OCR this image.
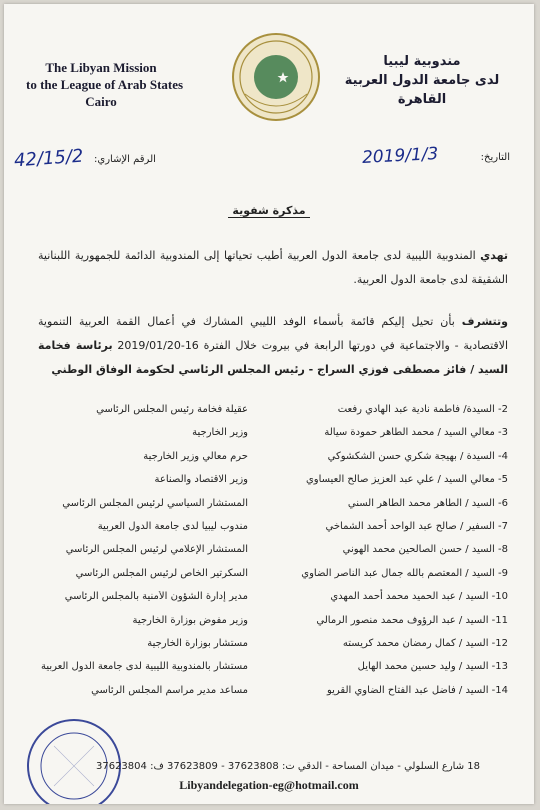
The Libyan Mission
to the League of Arab States
Cairo
مندوبية ليبيا
لدى جامعة الدول العربية
القاهرة
42/15/2 الرقم الإشاري:	2019/1/3	التاريخ:
مذكرة شفوية
تهدي المندوبية الليبية لدى جامعة الدول العربية أطيب تحياتها إلى المندوبية الدائمة للجمهورية اللبنانية الشقيقة لدى جامعة الدول العربية.
وتتشرف بأن تحيل إليكم قائمة بأسماء الوفد الليبي المشارك في أعمال القمة العربية التنموية الاقتصادية - والاجتماعية في دورتها الرابعة في بيروت خلال الفترة 16-2019/01/20 برئاسة فخامة السيد / فائز مصطفى فوزي السراج - رئيس المجلس الرئاسي لحكومة الوفاق الوطني
2- السيدة/ فاطمة نادية عبد الهادي رفعت
عقيلة فخامة رئيس المجلس الرئاسي
3- معالي السيد / محمد الطاهر حمودة سيالة
وزير الخارجية
4- السيدة / بهيجة شكري حسن الشكشوكي
حرم معالي وزير الخارجية
5- معالي السيد / علي عبد العزيز صالح العيساوي
وزير الاقتصاد والصناعة
6- السيد / الطاهر محمد الطاهر السني
المستشار السياسي لرئيس المجلس الرئاسي
7- السفير / صالح عبد الواحد أحمد الشماخي
مندوب ليبيا لدى جامعة الدول العربية
8- السيد / حسن الصالحين محمد الهوني
المستشار الإعلامي لرئيس المجلس الرئاسي
9- السيد / المعتصم بالله جمال عبد الناصر الضاوي
السكرتير الخاص لرئيس المجلس الرئاسي
10- السيد / عبد الحميد محمد أحمد المهدي
مدير إدارة الشؤون الأمنية بالمجلس الرئاسي
11- السيد / عبد الرؤوف محمد منصور الرمالي
وزير مفوض بوزارة الخارجية
12- السيد / كمال رمضان محمد كريسته
مستشار بوزارة الخارجية
13- السيد / وليد حسين محمد الهايل
مستشار بالمندوبية الليبية لدى جامعة الدول العربية
14- السيد / فاضل عبد الفتاح الضاوي القريو
مساعد مدير مراسم المجلس الرئاسي
18 شارع السلولي - ميدان المساحة - الدقي ت: 37623808 - 37623809 ف: 37623804
Libyandelegation-eg@hotmail.com
